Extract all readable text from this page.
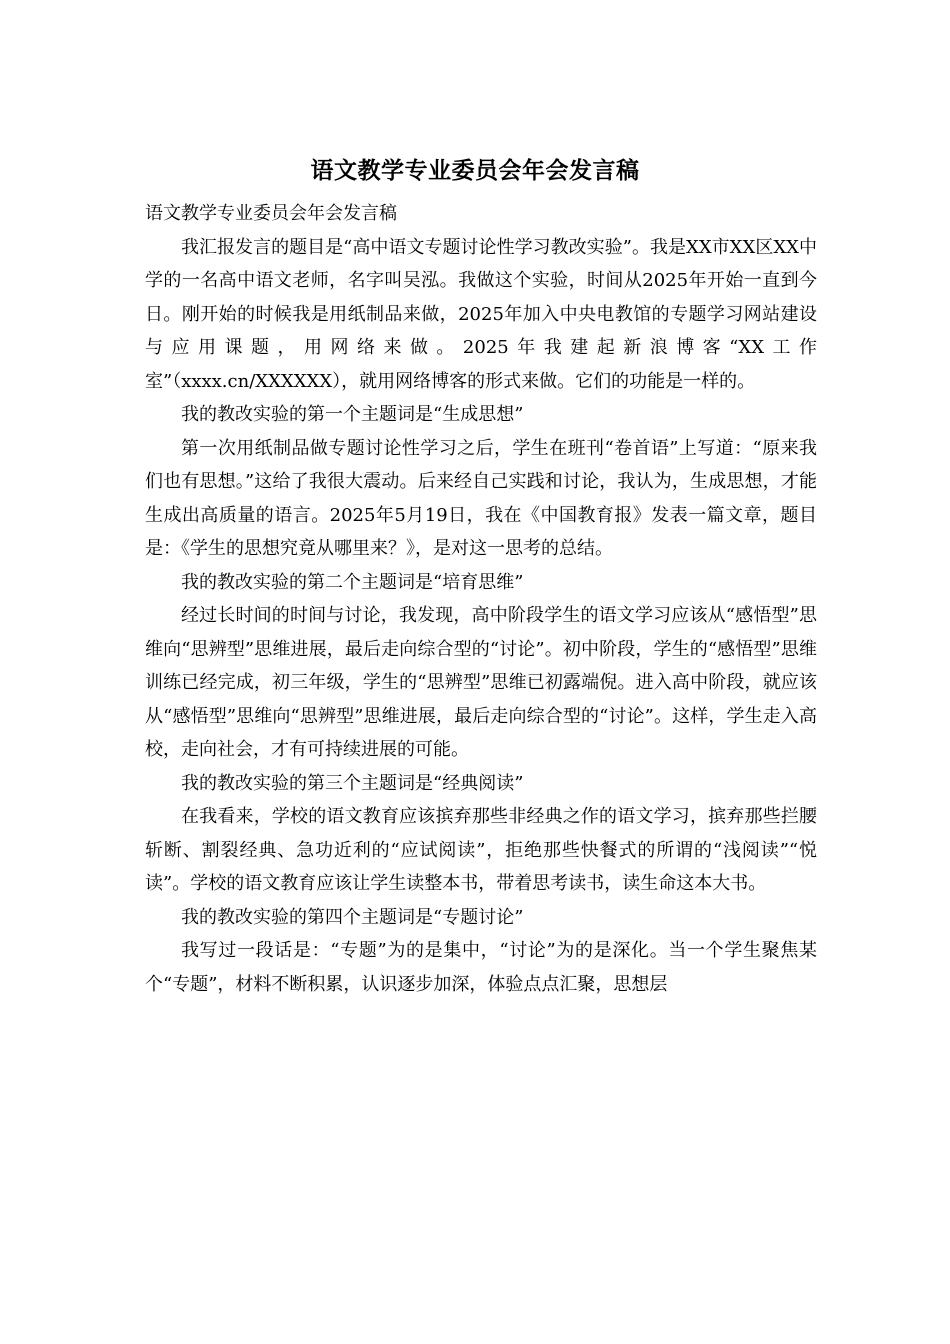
语文教学专业委员会年会发言稿

语文教学专业委员会年会发言稿

我汇报发言的题目是“高中语文专题讨论性学习教改实验”。我是XX市XX区XX中学的一名高中语文老师，名字叫吴泓。我做这个实验，时间从2025年开始一直到今日。刚开始的时候我是用纸制品来做，2025年加入中央电教馆的专题学习网站建设与应用课题，用网络来做。2025年我建起新浪博客“XX工作室”（xxxx.cn/XXXXXX），就用网络博客的形式来做。它们的功能是一样的。

我的教改实验的第一个主题词是“生成思想”

第一次用纸制品做专题讨论性学习之后，学生在班刊“卷首语”上写道：“原来我们也有思想。”这给了我很大震动。后来经自己实践和讨论，我认为，生成思想，才能生成出高质量的语言。2025年5月19日，我在《中国教育报》发表一篇文章，题目是：《学生的思想究竟从哪里来？》，是对这一思考的总结。

我的教改实验的第二个主题词是“培育思维”

经过长时间的时间与讨论，我发现，高中阶段学生的语文学习应该从“感悟型”思维向“思辨型”思维进展，最后走向综合型的“讨论”。初中阶段，学生的“感悟型”思维训练已经完成，初三年级，学生的“思辨型”思维已初露端倪。进入高中阶段，就应该从“感悟型”思维向“思辨型”思维进展，最后走向综合型的“讨论”。这样，学生走入高校，走向社会，才有可持续进展的可能。

我的教改实验的第三个主题词是“经典阅读”

在我看来，学校的语文教育应该摈弃那些非经典之作的语文学习，摈弃那些拦腰斩断、割裂经典、急功近利的“应试阅读”，拒绝那些快餐式的所谓的“浅阅读”“悦读”。学校的语文教育应该让学生读整本书，带着思考读书，读生命这本大书。

我的教改实验的第四个主题词是“专题讨论”

我写过一段话是：“专题”为的是集中，“讨论”为的是深化。当一个学生聚焦某个“专题”，材料不断积累，认识逐步加深，体验点点汇聚，思想层
